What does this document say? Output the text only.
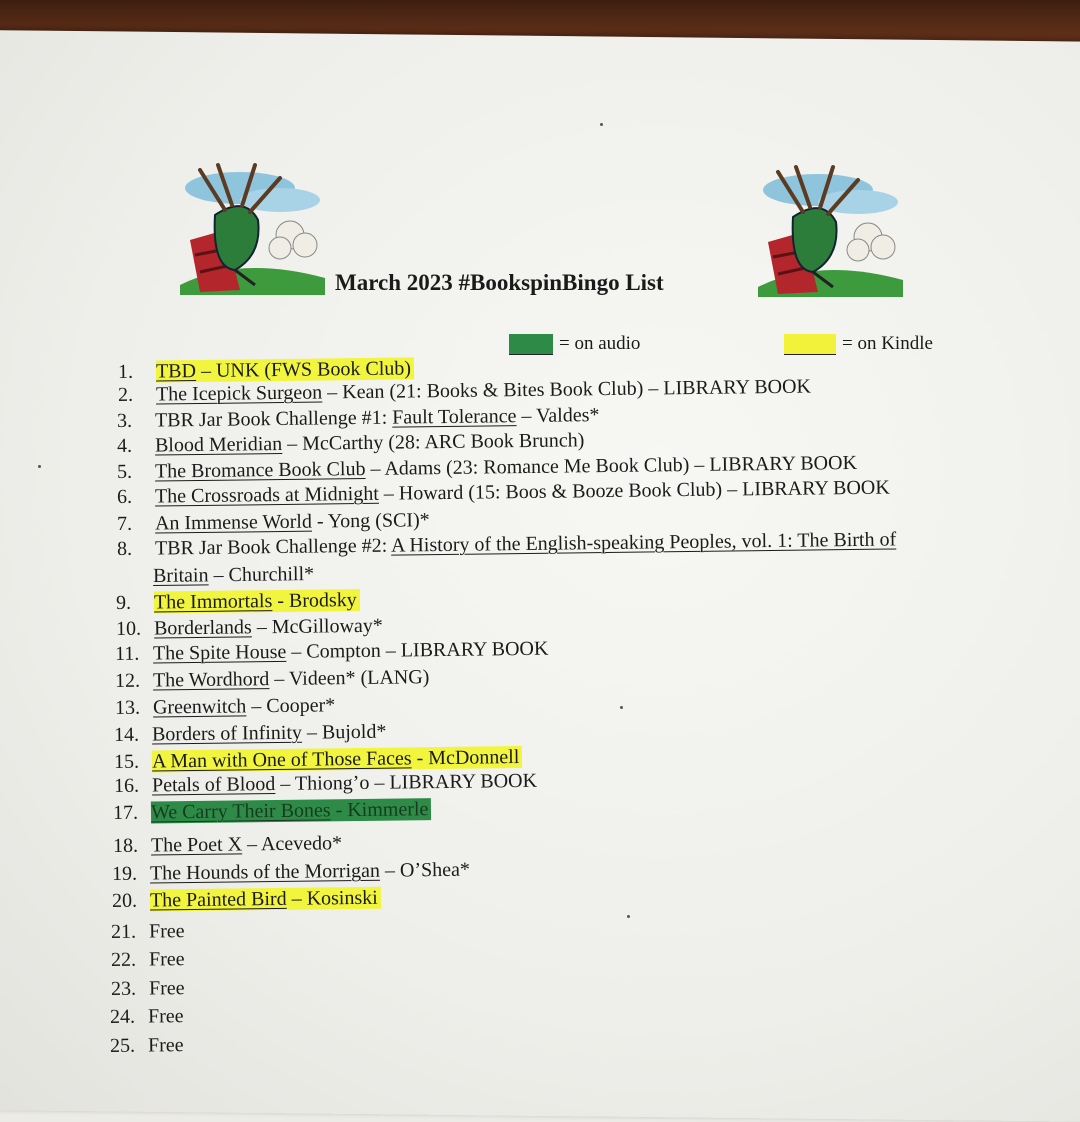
March 2023 #BookspinBingo List
= on audio	= on Kindle
1. TBD – UNK (FWS Book Club)
2. The Icepick Surgeon – Kean (21: Books & Bites Book Club) – LIBRARY BOOK
3. TBR Jar Book Challenge #1: Fault Tolerance – Valdes*
4. Blood Meridian – McCarthy (28: ARC Book Brunch)
5. The Bromance Book Club – Adams (23: Romance Me Book Club) – LIBRARY BOOK
6. The Crossroads at Midnight – Howard (15: Boos & Booze Book Club) – LIBRARY BOOK
7. An Immense World - Yong (SCI)*
8. TBR Jar Book Challenge #2: A History of the English-speaking Peoples, vol. 1: The Birth of
Britain – Churchill*
9. The Immortals - Brodsky
10. Borderlands – McGilloway*
11. The Spite House – Compton – LIBRARY BOOK
12. The Wordhord – Videen* (LANG)
13. Greenwitch – Cooper*
14. Borders of Infinity – Bujold*
15. A Man with One of Those Faces - McDonnell
16. Petals of Blood – Thiong’o – LIBRARY BOOK
17. We Carry Their Bones - Kimmerle
18. The Poet X – Acevedo*
19. The Hounds of the Morrigan – O’Shea*
20. The Painted Bird – Kosinski
21. Free
22. Free
23. Free
24. Free
25. Free
